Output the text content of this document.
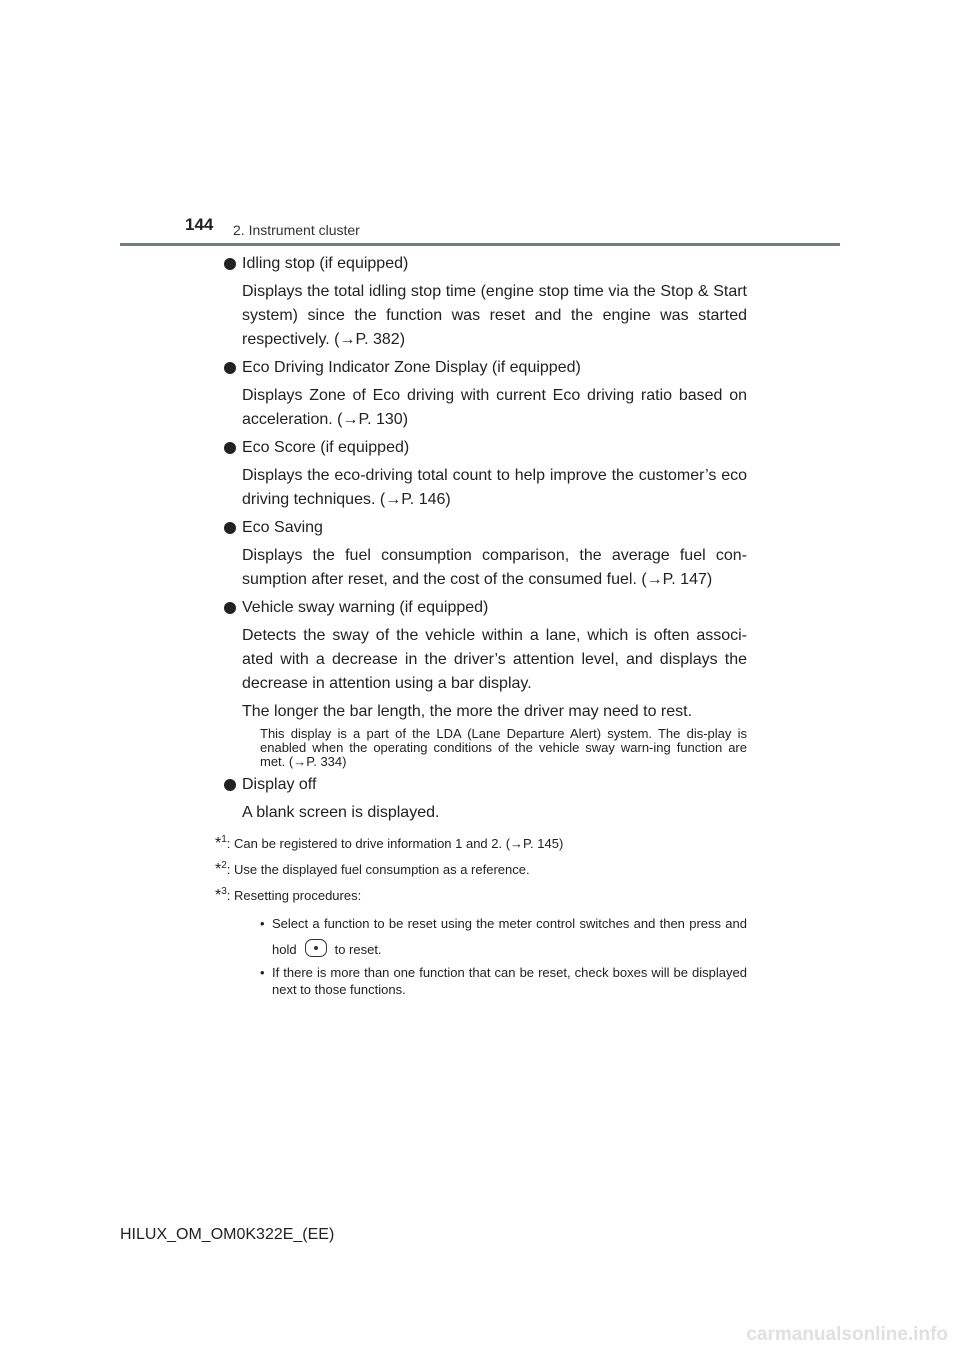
144 2. Instrument cluster
Idling stop (if equipped)
Displays the total idling stop time (engine stop time via the Stop & Start system) since the function was reset and the engine was started respectively. (→P. 382)
Eco Driving Indicator Zone Display (if equipped)
Displays Zone of Eco driving with current Eco driving ratio based on acceleration. (→P. 130)
Eco Score (if equipped)
Displays the eco-driving total count to help improve the customer’s eco driving techniques. (→P. 146)
Eco Saving
Displays the fuel consumption comparison, the average fuel con-sumption after reset, and the cost of the consumed fuel. (→P. 147)
Vehicle sway warning (if equipped)
Detects the sway of the vehicle within a lane, which is often associ-ated with a decrease in the driver’s attention level, and displays the decrease in attention using a bar display.
The longer the bar length, the more the driver may need to rest.
This display is a part of the LDA (Lane Departure Alert) system. The dis-play is enabled when the operating conditions of the vehicle sway warn-ing function are met. (→P. 334)
Display off
A blank screen is displayed.
*$^1$: Can be registered to drive information 1 and 2. (→P. 145)
*$^2$: Use the displayed fuel consumption as a reference.
*$^3$: Resetting procedures:
• Select a function to be reset using the meter control switches and then press and hold	to reset.
• If there is more than one function that can be reset, check boxes will be displayed next to those functions.
HILUX_OM_OM0K322E_(EE)
carmanualsonline.info
